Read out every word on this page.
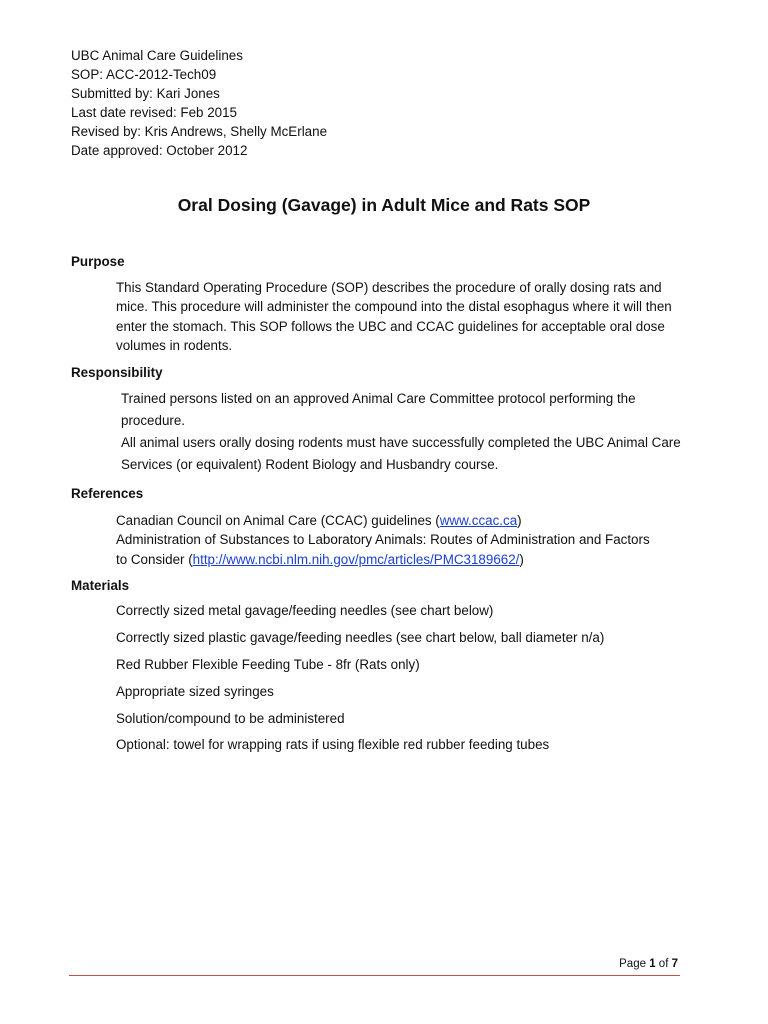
UBC Animal Care Guidelines
SOP: ACC-2012-Tech09
Submitted by: Kari Jones
Last date revised: Feb 2015
Revised by: Kris Andrews, Shelly McErlane
Date approved: October 2012
Oral Dosing (Gavage) in Adult Mice and Rats SOP
Purpose
This Standard Operating Procedure (SOP) describes the procedure of orally dosing rats and mice. This procedure will administer the compound into the distal esophagus where it will then enter the stomach. This SOP follows the UBC and CCAC guidelines for acceptable oral dose volumes in rodents.
Responsibility
Trained persons listed on an approved Animal Care Committee protocol performing the procedure.
All animal users orally dosing rodents must have successfully completed the UBC Animal Care Services (or equivalent) Rodent Biology and Husbandry course.
References
Canadian Council on Animal Care (CCAC) guidelines (www.ccac.ca)
Administration of Substances to Laboratory Animals: Routes of Administration and Factors
to Consider (http://www.ncbi.nlm.nih.gov/pmc/articles/PMC3189662/)
Materials
Correctly sized metal gavage/feeding needles (see chart below)
Correctly sized plastic gavage/feeding needles (see chart below, ball diameter n/a)
Red Rubber Flexible Feeding Tube - 8fr (Rats only)
Appropriate sized syringes
Solution/compound to be administered
Optional: towel for wrapping rats if using flexible red rubber feeding tubes
Page 1 of 7
